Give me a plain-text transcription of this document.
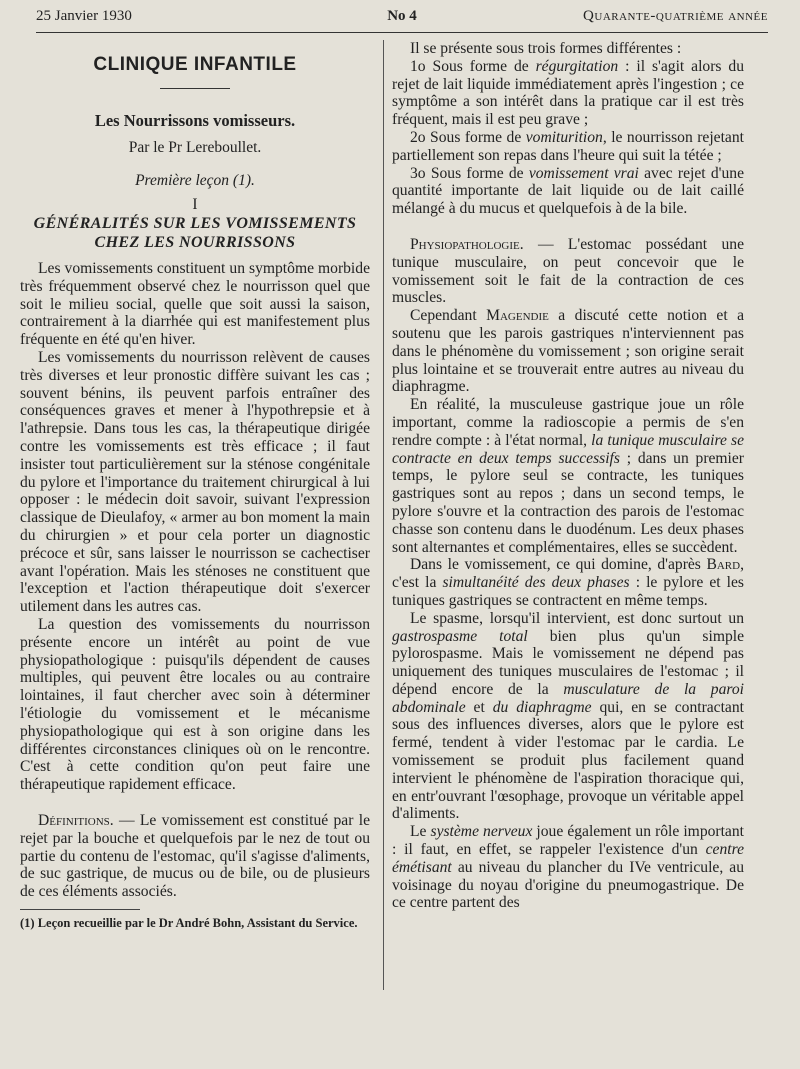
25 Janvier 1930	No 4	Quarante-quatrième année
CLINIQUE INFANTILE
Les Nourrissons vomisseurs.
Par le Pr Lereboullet.
Première leçon (1).
I
GÉNÉRALITÉS SUR LES VOMISSEMENTS
CHEZ LES NOURRISSONS

Les vomissements constituent un symptôme morbide très fréquemment observé chez le nourrisson quel que soit le milieu social, quelle que soit aussi la saison, contrairement à la diarrhée qui est manifestement plus fréquente en été qu'en hiver.

Les vomissements du nourrisson relèvent de causes très diverses et leur pronostic diffère suivant les cas ; souvent bénins, ils peuvent parfois entraîner des conséquences graves et mener à l'hypothrepsie et à l'athrepsie. Dans tous les cas, la thérapeutique dirigée contre les vomissements est très efficace ; il faut insister tout particulièrement sur la sténose congénitale du pylore et l'importance du traitement chirurgical à lui opposer : le médecin doit savoir, suivant l'expression classique de Dieulafoy, « armer au bon moment la main du chirurgien » et pour cela porter un diagnostic précoce et sûr, sans laisser le nourrisson se cachectiser avant l'opération. Mais les sténoses ne constituent que l'exception et l'action thérapeutique doit s'exercer utilement dans les autres cas.

La question des vomissements du nourrisson présente encore un intérêt au point de vue physiopathologique : puisqu'ils dépendent de causes multiples, qui peuvent être locales ou au contraire lointaines, il faut chercher avec soin à déterminer l'étiologie du vomissement et le mécanisme physiopathologique qui est à son origine dans les différentes circonstances cliniques où on le rencontre. C'est à cette condition qu'on peut faire une thérapeutique rapidement efficace.

Définitions. — Le vomissement est constitué par le rejet par la bouche et quelquefois par le nez de tout ou partie du contenu de l'estomac, qu'il s'agisse d'aliments, de suc gastrique, de mucus ou de bile, ou de plusieurs de ces éléments associés.

(1) Leçon recueillie par le Dr André Bohn, Assistant du Service.

Il se présente sous trois formes différentes :

1o Sous forme de régurgitation : il s'agit alors du rejet de lait liquide immédiatement après l'ingestion ; ce symptôme a son intérêt dans la pratique car il est très fréquent, mais il est peu grave ;

2o Sous forme de vomiturition, le nourrisson rejetant partiellement son repas dans l'heure qui suit la tétée ;

3o Sous forme de vomissement vrai avec rejet d'une quantité importante de lait liquide ou de lait caillé mélangé à du mucus et quelquefois à de la bile.

Physiopathologie. — L'estomac possédant une tunique musculaire, on peut concevoir que le vomissement soit le fait de la contraction de ces muscles.

Cependant Magendie a discuté cette notion et a soutenu que les parois gastriques n'interviennent pas dans le phénomène du vomissement ; son origine serait plus lointaine et se trouverait entre autres au niveau du diaphragme.

En réalité, la musculeuse gastrique joue un rôle important, comme la radioscopie a permis de s'en rendre compte : à l'état normal, la tunique musculaire se contracte en deux temps successifs ; dans un premier temps, le pylore seul se contracte, les tuniques gastriques sont au repos ; dans un second temps, le pylore s'ouvre et la contraction des parois de l'estomac chasse son contenu dans le duodénum. Les deux phases sont alternantes et complémentaires, elles se succèdent.

Dans le vomissement, ce qui domine, d'après Bard, c'est la simultanéité des deux phases : le pylore et les tuniques gastriques se contractent en même temps.

Le spasme, lorsqu'il intervient, est donc surtout un gastrospasme total bien plus qu'un simple pylorospasme. Mais le vomissement ne dépend pas uniquement des tuniques musculaires de l'estomac ; il dépend encore de la musculature de la paroi abdominale et du diaphragme qui, en se contractant sous des influences diverses, alors que le pylore est fermé, tendent à vider l'estomac par le cardia. Le vomissement se produit plus facilement quand intervient le phénomène de l'aspiration thoracique qui, en entr'ouvrant l'œsophage, provoque un véritable appel d'aliments.

Le système nerveux joue également un rôle important : il faut, en effet, se rappeler l'existence d'un centre émétisant au niveau du plancher du IVe ventricule, au voisinage du noyau d'origine du pneumogastrique. De ce centre partent des
